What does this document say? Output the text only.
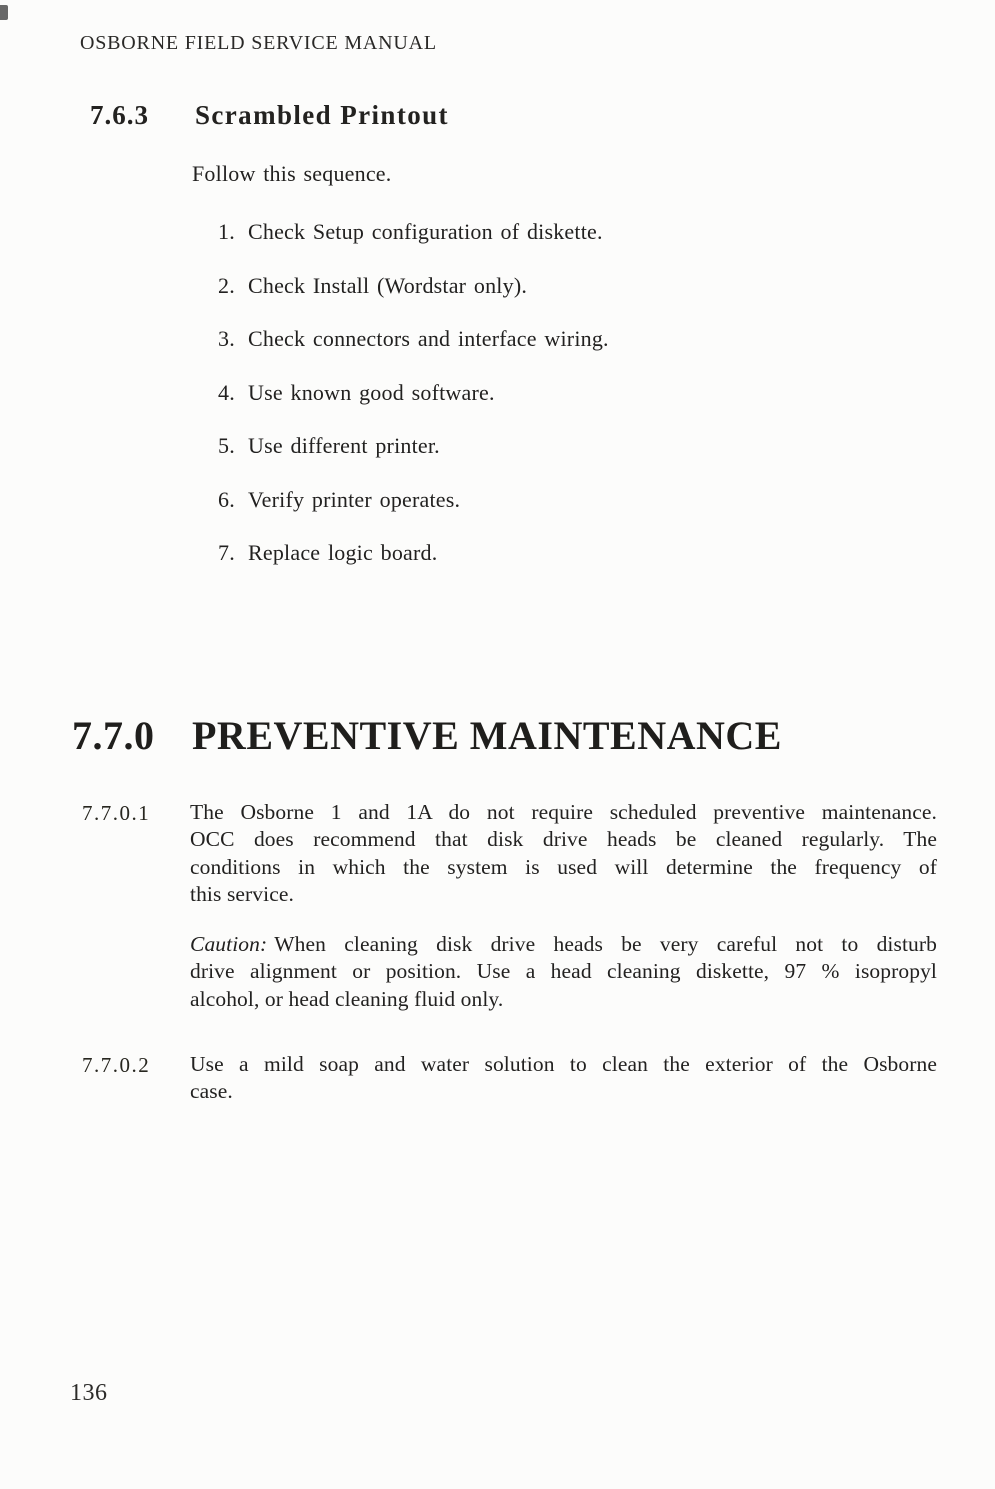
OSBORNE FIELD SERVICE MANUAL
7.6.3 Scrambled Printout
Follow this sequence.
1. Check Setup configuration of diskette.
2. Check Install (Wordstar only).
3. Check connectors and interface wiring.
4. Use known good software.
5. Use different printer.
6. Verify printer operates.
7. Replace logic board.
7.7.0 PREVENTIVE MAINTENANCE
7.7.0.1 The Osborne 1 and 1A do not require scheduled preventive maintenance.
OCC does recommend that disk drive heads be cleaned regularly. The
conditions in which the system is used will determine the frequency of
this service.
Caution: When cleaning disk drive heads be very careful not to disturb
drive alignment or position. Use a head cleaning diskette, 97 % isopropyl
alcohol, or head cleaning fluid only.
7.7.0.2 Use a mild soap and water solution to clean the exterior of the Osborne
case.
136
